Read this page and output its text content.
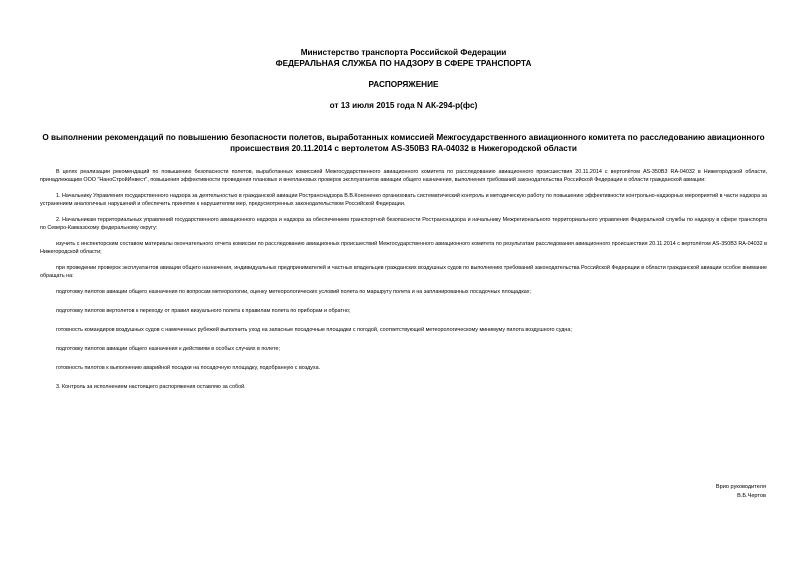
Министерство транспорта Российской Федерации
ФЕДЕРАЛЬНАЯ СЛУЖБА ПО НАДЗОРУ В СФЕРЕ ТРАНСПОРТА
РАСПОРЯЖЕНИЕ
от 13 июля 2015 года N АК-294-р(фс)
О выполнении рекомендаций по повышению безопасности полетов, выработанных комиссией Межгосударственного авиационного комитета по расследованию авиационного происшествия 20.11.2014 с вертолетом AS-350B3 RA-04032 в Нижегородской области

В целях реализации рекомендаций по повышению безопасности полетов, выработанных комиссией Межгосударственного авиационного комитета по расследованию авиационного происшествия 20.11.2014 с вертолётом AS-350B3 RA-04032 в Нижегородской области, принадлежащим ООО "НаноСтройИнвест", повышения эффективности проведения плановых и внеплановых проверок эксплуатантов авиации общего назначения, выполнения требований законодательства Российской Федерации в области гражданской авиации:

1. Начальнику Управления государственного надзора за деятельностью в гражданской авиации Ространснадзора В.В.Кононенко организовать систематический контроль и методическую работу по повышению эффективности контрольно-надзорных мероприятий в части надзора за устранением аналогичных нарушений и обеспечить принятие к нарушителям мер, предусмотренных законодательством Российской Федерации.

2. Начальникам территориальных управлений государственного авиационного надзора и надзора за обеспечением транспортной безопасности Ространснадзора и начальнику Межрегионального территориального управления Федеральной службы по надзору в сфере транспорта по Северо-Кавказскому федеральному округу:

изучить с инспекторским составом материалы окончательного отчета комиссии по расследованию авиационных происшествий Межгосударственного авиационного комитета по результатам расследования авиационного происшествия 20.11.2014 с вертолётом AS-350B3 RA-04032 в Нижегородской области;

при проведении проверок эксплуатантов авиации общего назначения, индивидуальных предпринимателей и частных владельцев гражданских воздушных судов по выполнению требований законодательства Российской Федерации в области гражданской авиации особое внимание обращать на:

подготовку пилотов авиации общего назначения по вопросам метеорологии, оценку метеорологических условий полета по маршруту полета и на запланированных посадочных площадках;

подготовку пилотов вертолетов к переходу от правил визуального полета к правилам полета по приборам и обратно;

готовность командиров воздушных судов с намеченных рубежей выполнить уход на запасные посадочные площадки с погодой, соответствующей метеорологическому минимуму пилота воздушного судна;

подготовку пилотов авиации общего назначения к действиям в особых случаях в полете;

готовность пилотов к выполнению аварийной посадки на посадочную площадку, подобранную с воздуха.

3. Контроль за исполнением настоящего распоряжения оставляю за собой.

Врио руководителя
В.Б.Чертов
